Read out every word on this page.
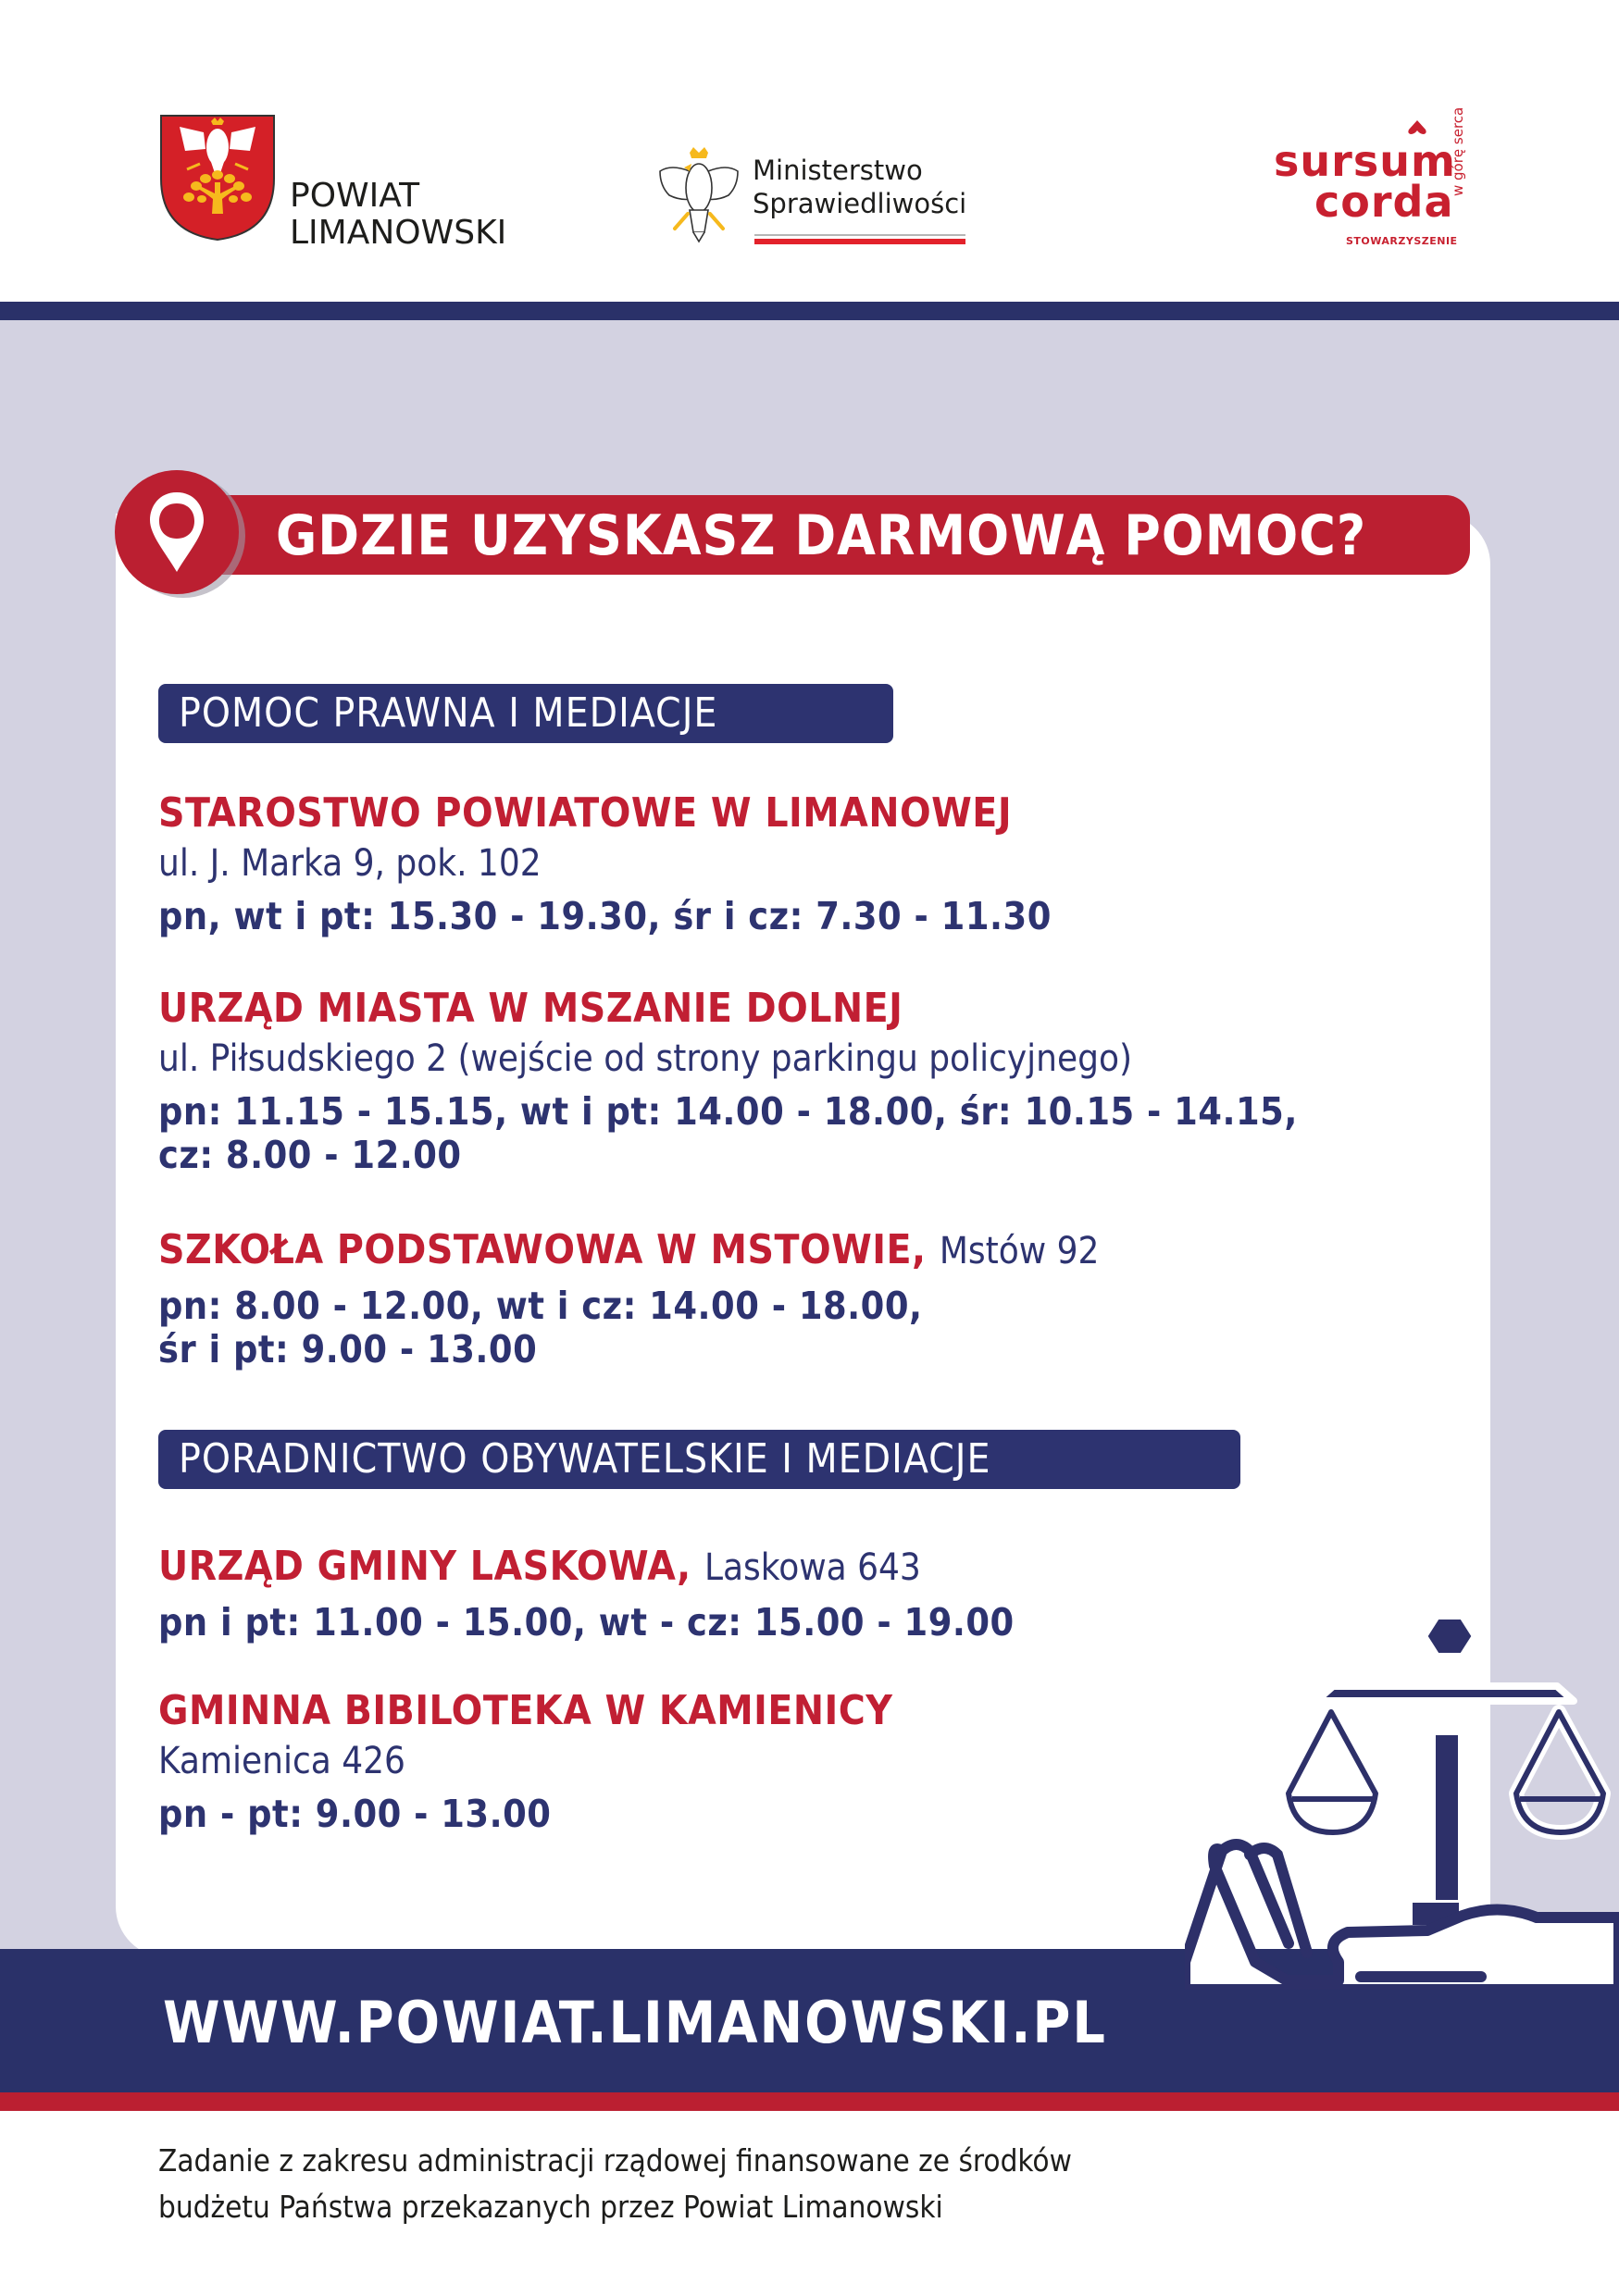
POWIAT
LIMANOWSKI
Ministerstwo
Sprawiedliwości
sursum
corda
STOWARZYSZENIE
w górę serca
GDZIE UZYSKASZ DARMOWĄ POMOC?
POMOC PRAWNA I MEDIACJE
STAROSTWO POWIATOWE W LIMANOWEJ
ul. J. Marka 9, pok. 102
pn, wt i pt: 15.30 - 19.30, śr i cz: 7.30 - 11.30
URZĄD MIASTA W MSZANIE DOLNEJ
ul. Piłsudskiego 2 (wejście od strony parkingu policyjnego)
pn: 11.15 - 15.15, wt i pt: 14.00 - 18.00, śr: 10.15 - 14.15,
cz: 8.00 - 12.00
SZKOŁA PODSTAWOWA W MSTOWIE, Mstów 92
pn: 8.00 - 12.00, wt i cz: 14.00 - 18.00,
śr i pt: 9.00 - 13.00
PORADNICTWO OBYWATELSKIE I MEDIACJE
URZĄD GMINY LASKOWA, Laskowa 643
pn i pt: 11.00 - 15.00, wt - cz: 15.00 - 19.00
GMINNA BIBILOTEKA W KAMIENICY
Kamienica 426
pn - pt: 9.00 - 13.00
WWW.POWIAT.LIMANOWSKI.PL
Zadanie z zakresu administracji rządowej finansowane ze środków
budżetu Państwa przekazanych przez Powiat Limanowski
